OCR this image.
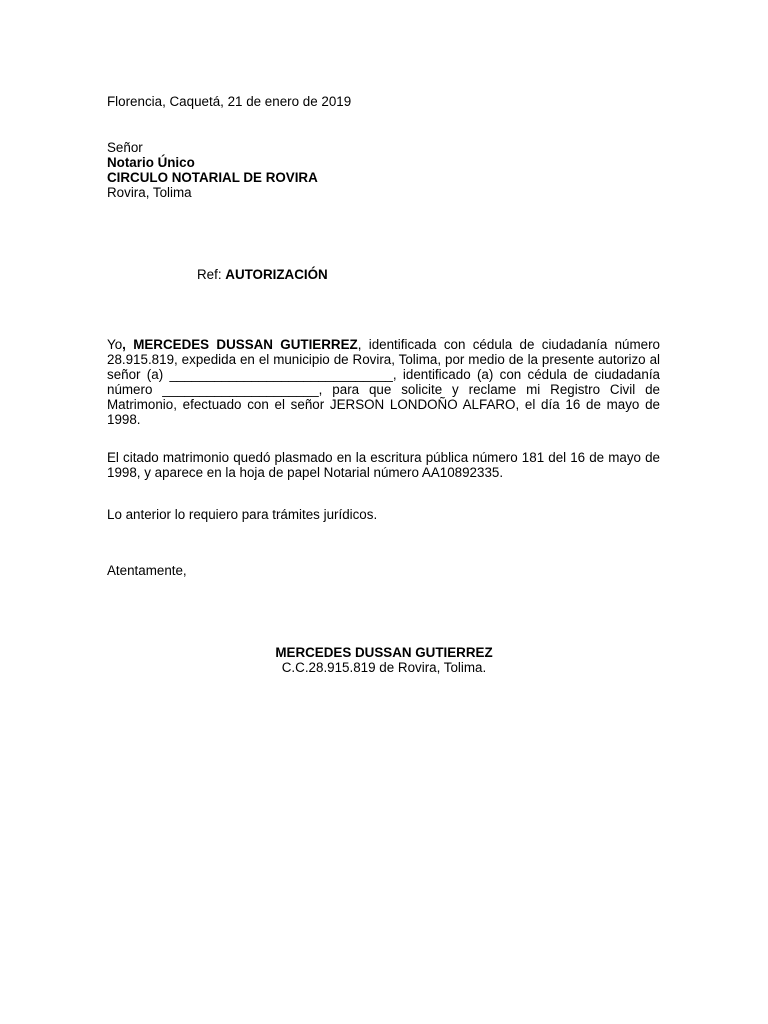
Florencia, Caquetá, 21 de enero de 2019

Señor
Notario Único
CIRCULO NOTARIAL DE ROVIRA
Rovira, Tolima

Ref: AUTORIZACIÓN

Yo, MERCEDES DUSSAN GUTIERREZ, identificada con cédula de ciudadanía número 28.915.819, expedida en el municipio de Rovira, Tolima, por medio de la presente autorizo al señor (a) ______________________________, identificado (a) con cédula de ciudadanía número _____________________, para que solicite y reclame mi Registro Civil de Matrimonio, efectuado con el señor JERSON LONDOÑO ALFARO, el día 16 de mayo de 1998.

El citado matrimonio quedó plasmado en la escritura pública número 181 del 16 de mayo de 1998, y aparece en la hoja de papel Notarial número AA10892335.

Lo anterior lo requiero para trámites jurídicos.

Atentamente,

MERCEDES DUSSAN GUTIERREZ
C.C.28.915.819 de Rovira, Tolima.
